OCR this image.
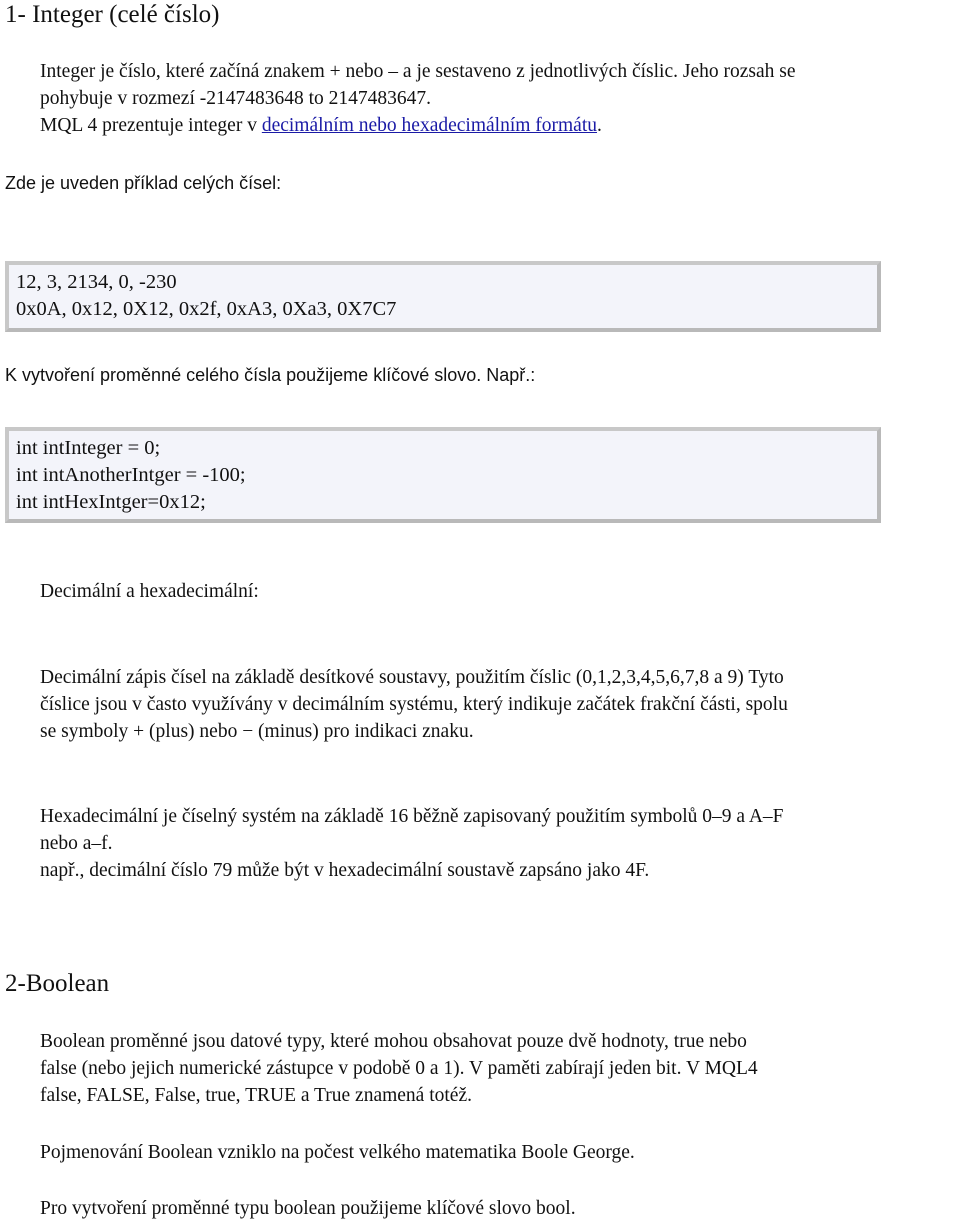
1- Integer (celé číslo)
Integer je číslo, které začíná znakem + nebo – a je sestaveno z jednotlivých číslic. Jeho rozsah se
pohybuje v rozmezí -2147483648 to 2147483647.
MQL 4 prezentuje integer v decimálním nebo hexadecimálním formátu.
Zde je uveden příklad celých čísel:
12, 3, 2134, 0, -230
0x0A, 0x12, 0X12, 0x2f, 0xA3, 0Xa3, 0X7C7
K vytvoření proměnné celého čísla použijeme klíčové slovo. Např.:
int intInteger = 0;
int intAnotherIntger = -100;
int intHexIntger=0x12;
Decimální a hexadecimální:
Decimální zápis čísel na základě desítkové soustavy, použitím číslic (0,1,2,3,4,5,6,7,8 a 9) Tyto
číslice jsou v často využívány v decimálním systému, který indikuje začátek frakční části, spolu
se symboly + (plus) nebo − (minus) pro indikaci znaku.
Hexadecimální je číselný systém na základě 16 běžně zapisovaný použitím symbolů 0–9 a A–F
nebo a–f.
např., decimální číslo 79 může být v hexadecimální soustavě zapsáno jako 4F.
2-Boolean
Boolean proměnné jsou datové typy, které mohou obsahovat pouze dvě hodnoty, true nebo
false (nebo jejich numerické zástupce v podobě 0 a 1). V paměti zabírají jeden bit. V MQL4
false, FALSE, False, true, TRUE a True znamená totéž.
Pojmenování Boolean vzniklo na počest velkého matematika Boole George.
Pro vytvoření proměnné typu boolean použijeme klíčové slovo bool.
